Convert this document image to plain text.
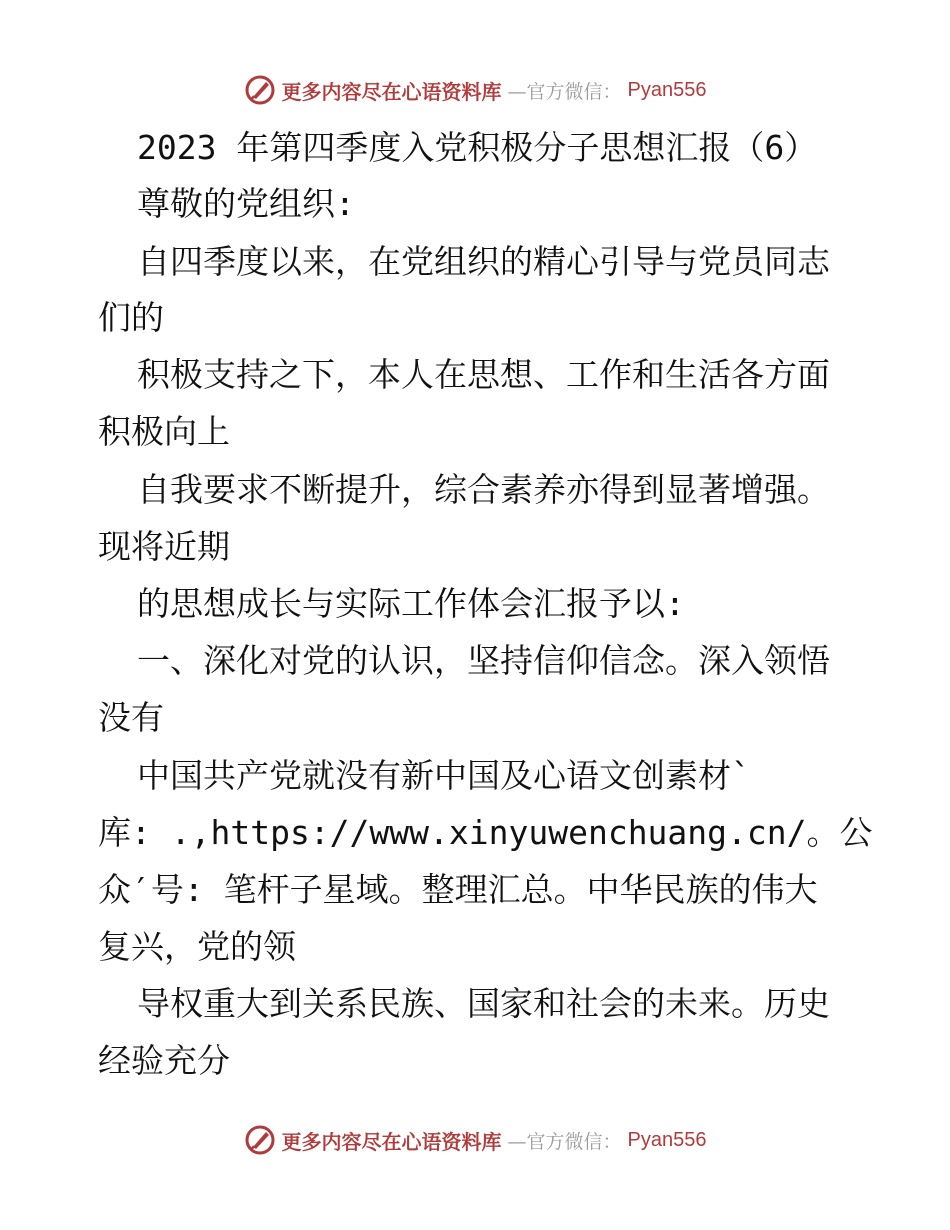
更多内容尽在心语资料库 —官方微信： Pyan556
2023 年第四季度入党积极分子思想汇报（6）
尊敬的党组织:
自四季度以来，在党组织的精心引导与党员同志
们的
积极支持之下，本人在思想、工作和生活各方面
积极向上
自我要求不断提升，综合素养亦得到显著增强。
现将近期
的思想成长与实际工作体会汇报予以:
一、深化对党的认识，坚持信仰信念。深入领悟
没有
中国共产党就没有新中国及心语文创素材`
库: .,https://www.xinyuwenchuang.cn/。公
众′号: 笔杆子星域。整理汇总。中华民族的伟大
复兴，党的领
导权重大到关系民族、国家和社会的未来。历史
经验充分
更多内容尽在心语资料库 —官方微信： Pyan556
